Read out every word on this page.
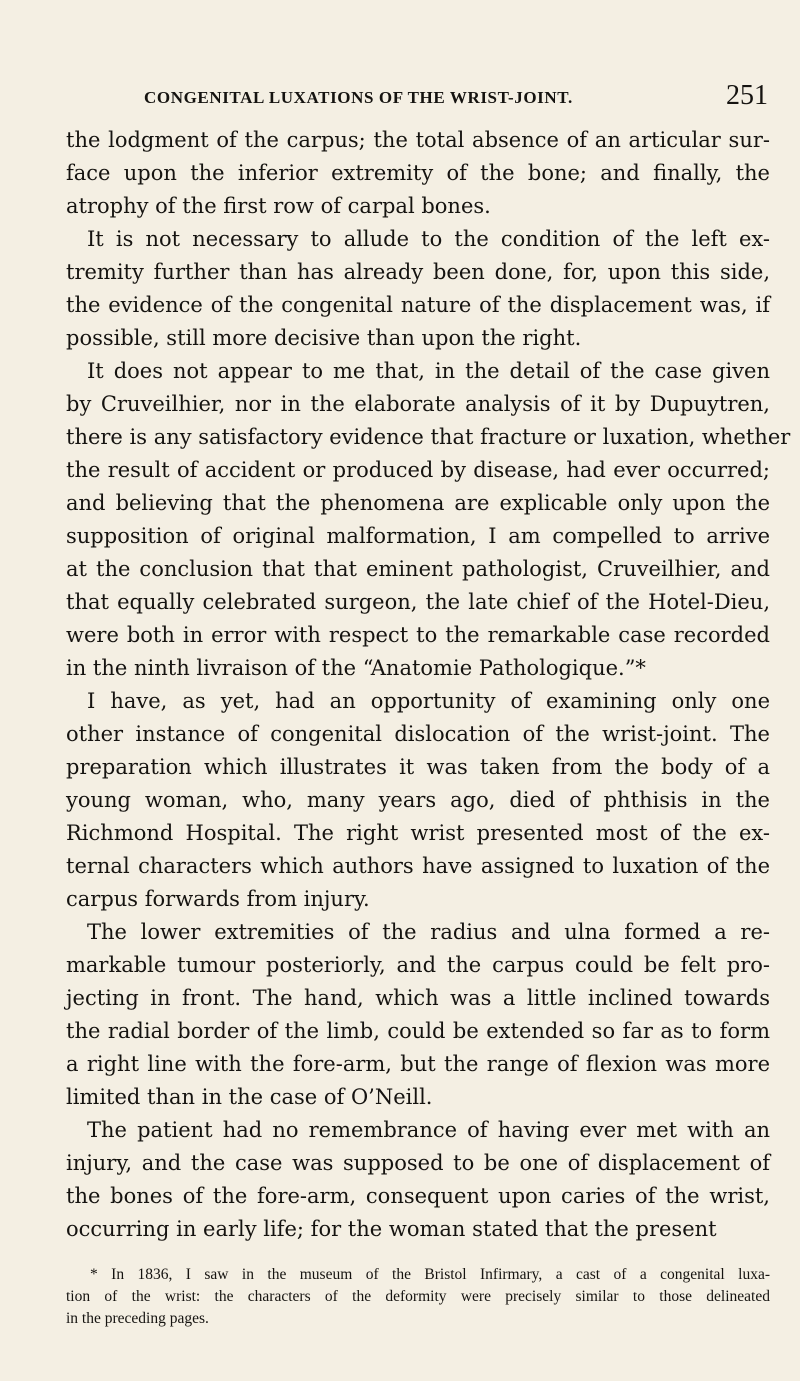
CONGENITAL LUXATIONS OF THE WRIST-JOINT.	251
the lodgment of the carpus; the total absence of an articular sur-
face upon the inferior extremity of the bone; and finally, the
atrophy of the first row of carpal bones.
It is not necessary to allude to the condition of the left ex-
tremity further than has already been done, for, upon this side,
the evidence of the congenital nature of the displacement was, if
possible, still more decisive than upon the right.
It does not appear to me that, in the detail of the case given
by Cruveilhier, nor in the elaborate analysis of it by Dupuytren,
there is any satisfactory evidence that fracture or luxation, whether
the result of accident or produced by disease, had ever occurred;
and believing that the phenomena are explicable only upon the
supposition of original malformation, I am compelled to arrive
at the conclusion that that eminent pathologist, Cruveilhier, and
that equally celebrated surgeon, the late chief of the Hotel-Dieu,
were both in error with respect to the remarkable case recorded
in the ninth livraison of the “Anatomie Pathologique.”*
I have, as yet, had an opportunity of examining only one
other instance of congenital dislocation of the wrist-joint. The
preparation which illustrates it was taken from the body of a
young woman, who, many years ago, died of phthisis in the
Richmond Hospital. The right wrist presented most of the ex-
ternal characters which authors have assigned to luxation of the
carpus forwards from injury.
The lower extremities of the radius and ulna formed a re-
markable tumour posteriorly, and the carpus could be felt pro-
jecting in front. The hand, which was a little inclined towards
the radial border of the limb, could be extended so far as to form
a right line with the fore-arm, but the range of flexion was more
limited than in the case of O’Neill.
The patient had no remembrance of having ever met with an
injury, and the case was supposed to be one of displacement of
the bones of the fore-arm, consequent upon caries of the wrist,
occurring in early life; for the woman stated that the present
* In 1836, I saw in the museum of the Bristol Infirmary, a cast of a congenital luxa-
tion of the wrist: the characters of the deformity were precisely similar to those delineated
in the preceding pages.
